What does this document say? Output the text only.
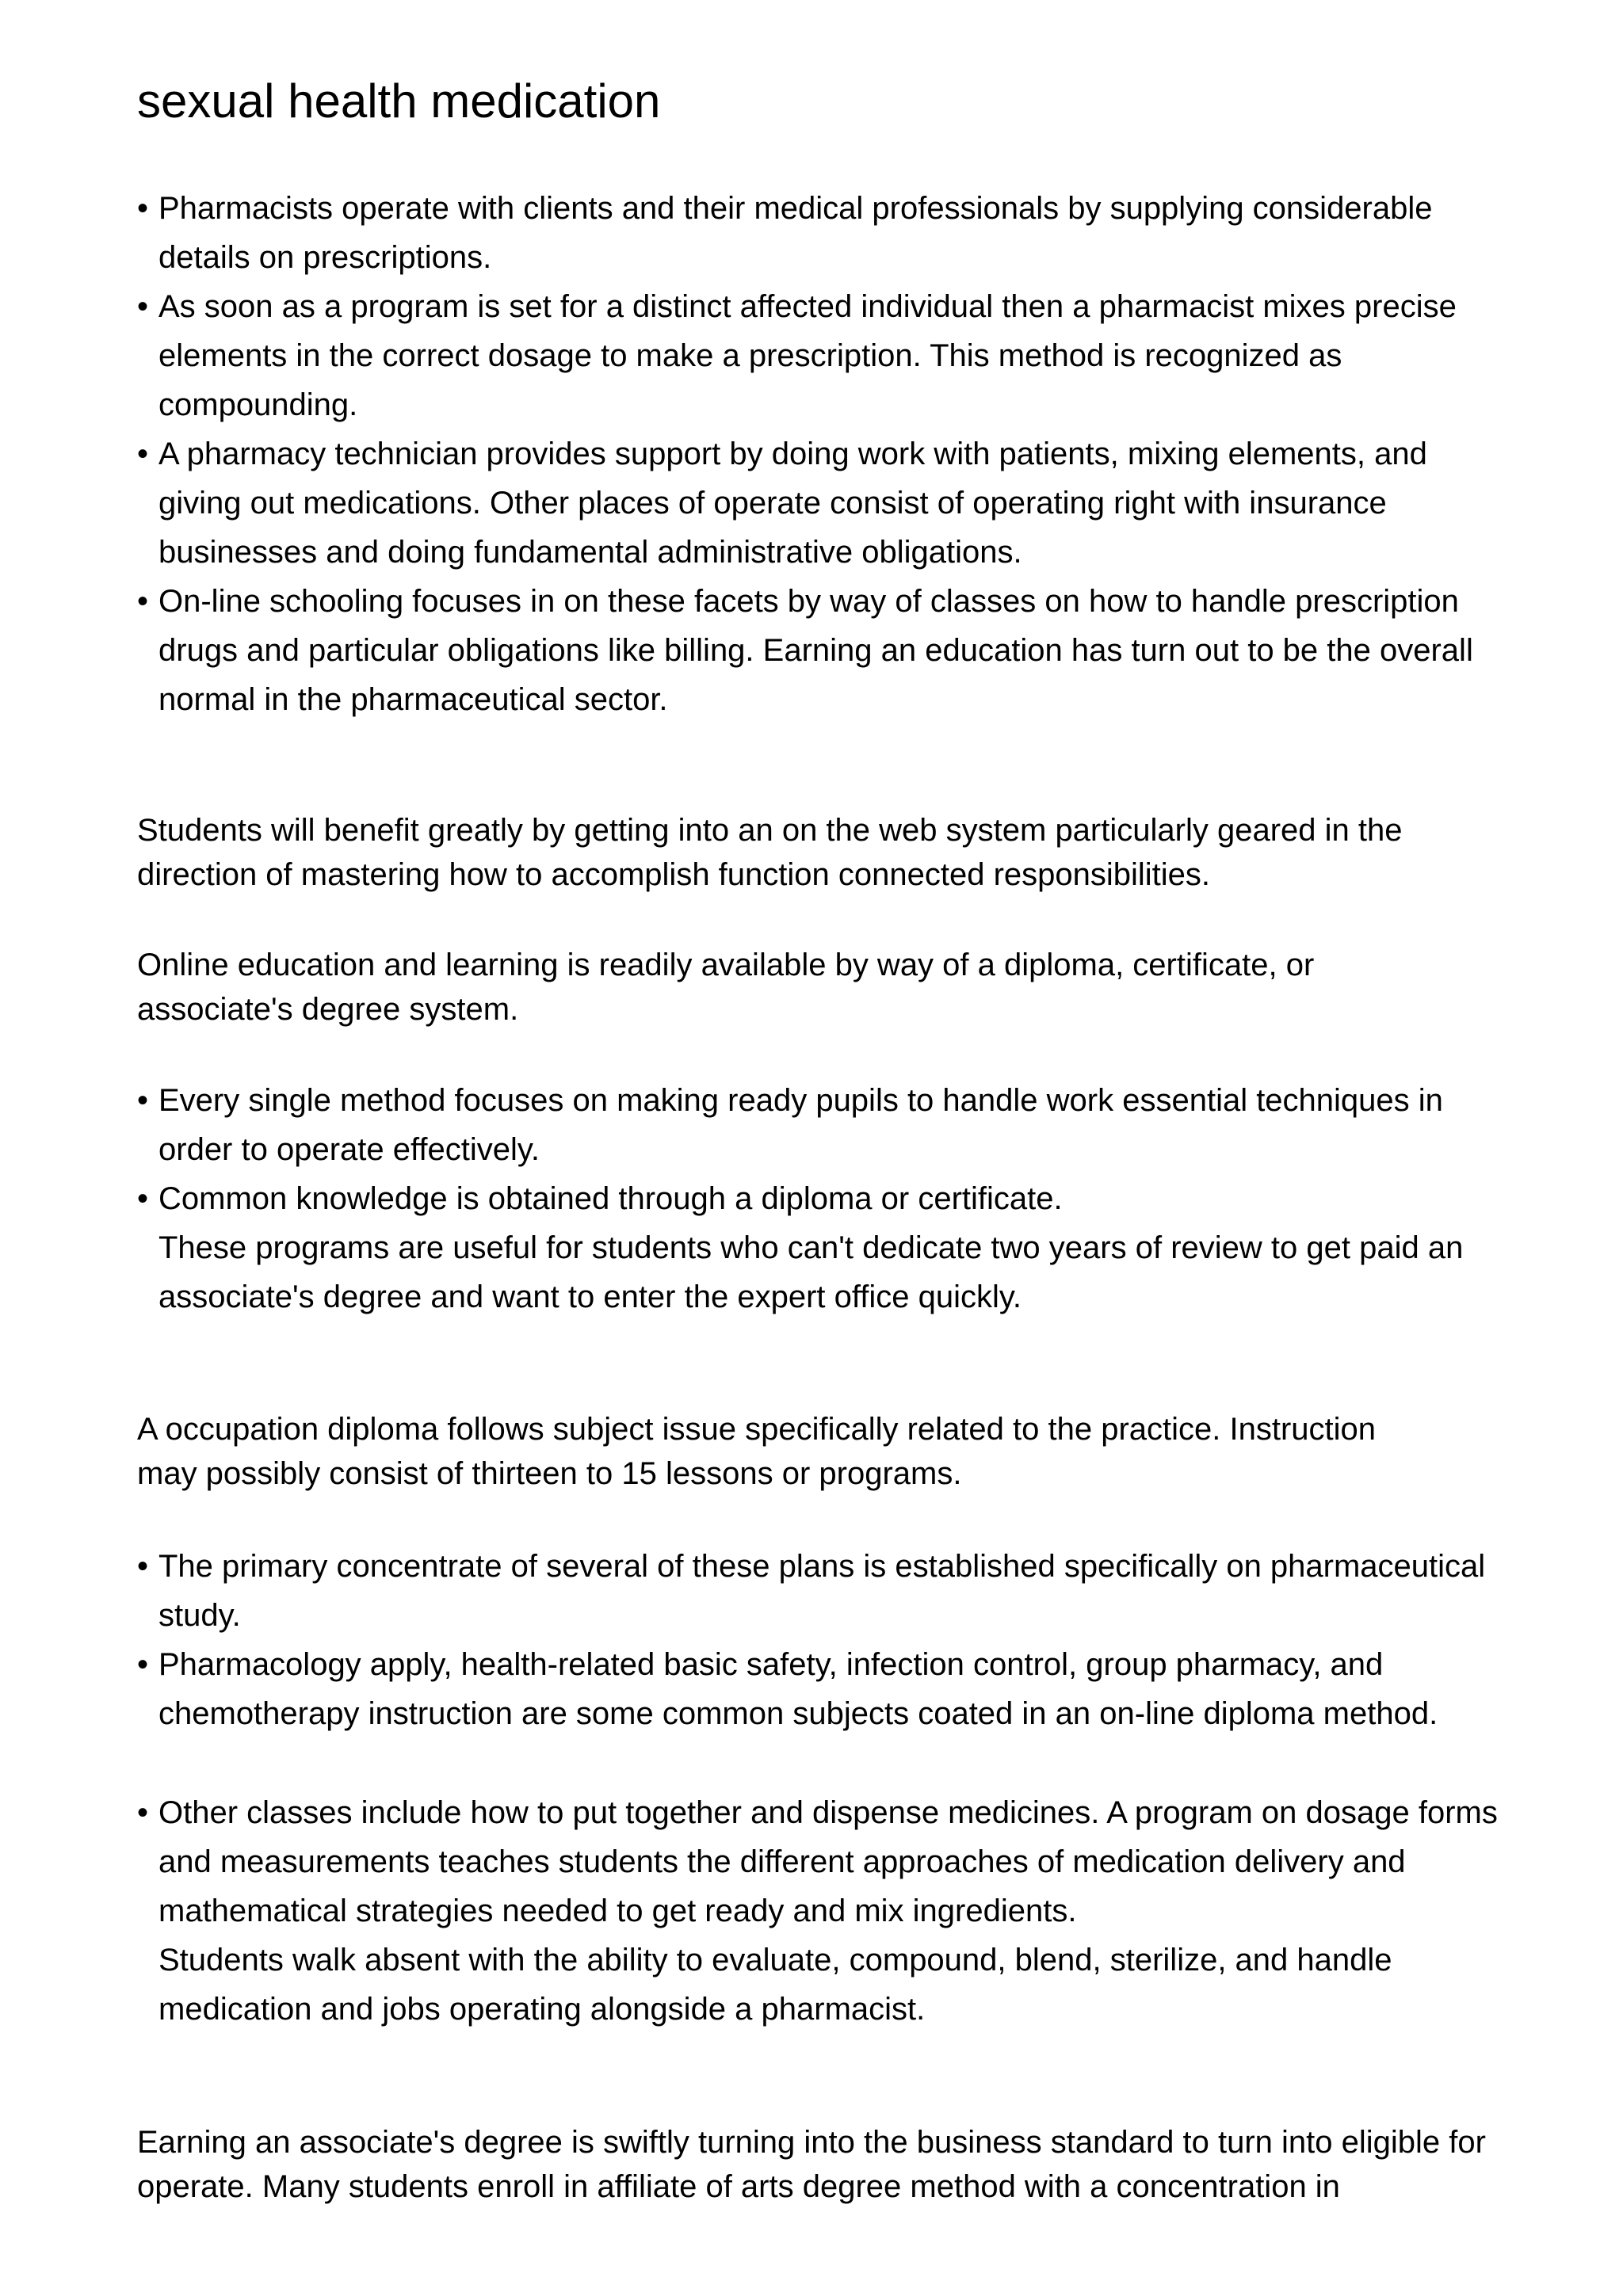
sexual health medication
• Pharmacists operate with clients and their medical professionals by supplying considerable details on prescriptions.
• As soon as a program is set for a distinct affected individual then a pharmacist mixes precise elements in the correct dosage to make a prescription. This method is recognized as compounding.
• A pharmacy technician provides support by doing work with patients, mixing elements, and giving out medications. Other places of operate consist of operating right with insurance businesses and doing fundamental administrative obligations.
• On-line schooling focuses in on these facets by way of classes on how to handle prescription drugs and particular obligations like billing. Earning an education has turn out to be the overall normal in the pharmaceutical sector.

Students will benefit greatly by getting into an on the web system particularly geared in the direction of mastering how to accomplish function connected responsibilities.

Online education and learning is readily available by way of a diploma, certificate, or associate's degree system.

• Every single method focuses on making ready pupils to handle work essential techniques in order to operate effectively.
• Common knowledge is obtained through a diploma or certificate.
These programs are useful for students who can't dedicate two years of review to get paid an associate's degree and want to enter the expert office quickly.

A occupation diploma follows subject issue specifically related to the practice. Instruction may possibly consist of thirteen to 15 lessons or programs.

• The primary concentrate of several of these plans is established specifically on pharmaceutical study.
• Pharmacology apply, health-related basic safety, infection control, group pharmacy, and chemotherapy instruction are some common subjects coated in an on-line diploma method.
• Other classes include how to put together and dispense medicines. A program on dosage forms and measurements teaches students the different approaches of medication delivery and mathematical strategies needed to get ready and mix ingredients.
Students walk absent with the ability to evaluate, compound, blend, sterilize, and handle medication and jobs operating alongside a pharmacist.

Earning an associate's degree is swiftly turning into the business standard to turn into eligible for operate. Many students enroll in affiliate of arts degree method with a concentration in
